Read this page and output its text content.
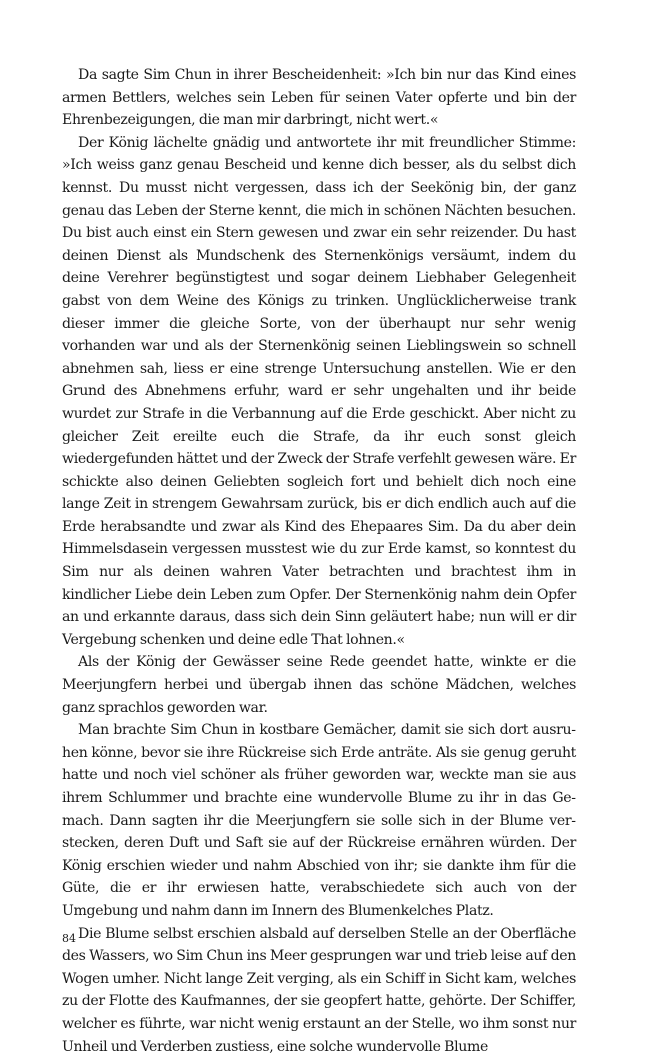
Da sagte Sim Chun in ihrer Bescheidenheit: »Ich bin nur das Kind eines armen Bettlers, welches sein Leben für seinen Vater opferte und bin der Ehrenbezeigungen, die man mir darbringt, nicht wert.«

Der König lächelte gnädig und antwortete ihr mit freundlicher Stimme: »Ich weiss ganz genau Bescheid und kenne dich besser, als du selbst dich kennst. Du musst nicht vergessen, dass ich der Seekönig bin, der ganz genau das Leben der Sterne kennt, die mich in schönen Nächten besuchen. Du bist auch einst ein Stern gewesen und zwar ein sehr reizender. Du hast deinen Dienst als Mundschenk des Sternenkönigs versäumt, indem du deine Verehrer begünstigtest und sogar deinem Liebhaber Gelegenheit gabst von dem Weine des Königs zu trinken. Unglücklicherweise trank dieser immer die gleiche Sorte, von der überhaupt nur sehr wenig vorhanden war und als der Sternenkönig seinen Lieblingswein so schnell abnehmen sah, liess er eine strenge Untersuchung anstellen. Wie er den Grund des Abnehmens erfuhr, ward er sehr ungehalten und ihr beide wurdet zur Strafe in die Verbannung auf die Erde geschickt. Aber nicht zu gleicher Zeit ereilte euch die Strafe, da ihr euch sonst gleich wiedergefunden hättet und der Zweck der Strafe verfehlt gewesen wäre. Er schickte also deinen Geliebten sogleich fort und behielt dich noch eine lange Zeit in strengem Gewahrsam zurück, bis er dich endlich auch auf die Erde herabsandte und zwar als Kind des Ehepaares Sim. Da du aber dein Himmelsdasein vergessen musstest wie du zur Erde kamst, so konntest du Sim nur als deinen wahren Vater betrachten und brachtest ihm in kindlicher Liebe dein Leben zum Opfer. Der Sternenkönig nahm dein Opfer an und erkannte daraus, dass sich dein Sinn geläutert habe; nun will er dir Vergebung schenken und deine edle That lohnen.«

Als der König der Gewässer seine Rede geendet hatte, winkte er die Meerjungfern herbei und übergab ihnen das schöne Mädchen, welches ganz sprachlos geworden war.

Man brachte Sim Chun in kostbare Gemächer, damit sie sich dort ausruhen könne, bevor sie ihre Rückreise sich Erde anträte. Als sie genug geruht hatte und noch viel schöner als früher geworden war, weckte man sie aus ihrem Schlummer und brachte eine wundervolle Blume zu ihr in das Gemach. Dann sagten ihr die Meerjungfern sie solle sich in der Blume verstecken, deren Duft und Saft sie auf der Rückreise ernähren würden. Der König erschien wieder und nahm Abschied von ihr; sie dankte ihm für die Güte, die er ihr erwiesen hatte, verabschiedete sich auch von der Umgebung und nahm dann im Innern des Blumenkelches Platz.

Die Blume selbst erschien alsbald auf derselben Stelle an der Oberfläche des Wassers, wo Sim Chun ins Meer gesprungen war und trieb leise auf den Wogen umher. Nicht lange Zeit verging, als ein Schiff in Sicht kam, welches zu der Flotte des Kaufmannes, der sie geopfert hatte, gehörte. Der Schiffer, welcher es führte, war nicht wenig erstaunt an der Stelle, wo ihm sonst nur Unheil und Verderben zustiess, eine solche wundervolle Blume

84
